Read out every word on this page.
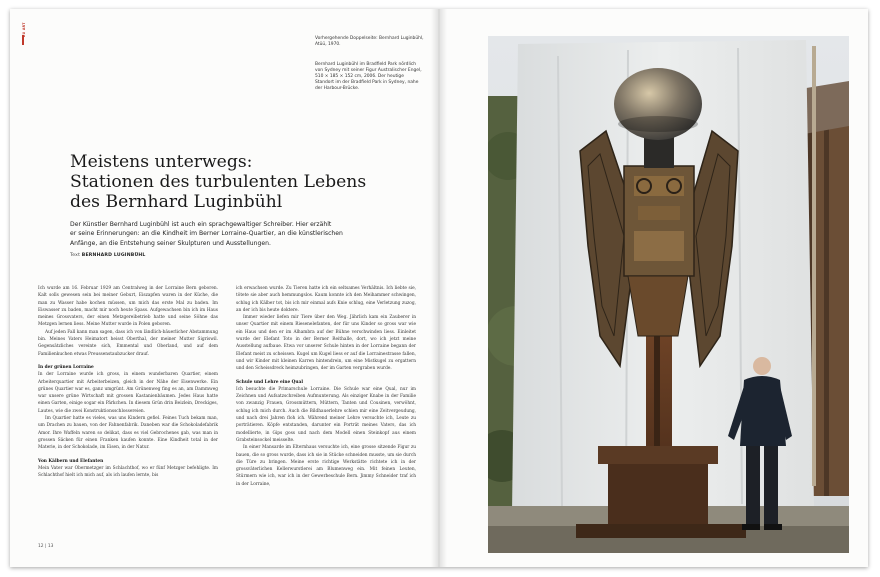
ZU ART
Vorhergehende Doppelseite: Bernhard Luginbühl, Atüü, 1970.
Bernhard Luginbühl im Bradfield Park nördlich von Sydney mit seiner Figur Australischer Engel, 510 × 185 × 152 cm, 2006. Der heutige Standort im der Bradfield Park in Sydney, nahe der Harbour-Brücke.
Meistens unterwegs:
Stationen des turbulenten Lebens
des Bernhard Luginbühl
Der Künstler Bernhard Luginbühl ist auch ein sprachgewaltiger Schreiber. Hier erzählt
er seine Erinnerungen: an die Kindheit im Berner Lorraine-Quartier, an die künstlerischen
Anfänge, an die Entstehung seiner Skulpturen und Ausstellungen.
Text BERNHARD LUGINBÜHL

Ich wurde am 16. Februar 1929 am Centralweg in der Lorraine Bern geboren. Kalt solls gewesen sein bei meiner Geburt, Eiszapfen waren in der Küche, die man zu Wasser habe kochen müssen, um mich das erste Mal zu baden. Im Eiswasser zu baden, macht mir noch heute Spass. Aufgewachsen bin ich im Haus meines Grossvaters, der einen Metzgereibetrieb hatte und seine Söhne das Metzgen lernen liess. Meine Mutter wurde in Polen geboren.

Auf jeden Fall kann man sagen, dass ich von ländlich-bäuerlicher Abstammung bin. Meines Vaters Heimatort heisst Oberthal, der meiner Mutter Sigriswil. Gegensätzliches vereinte sich, Emmental und Oberland, und auf dem Familienkuchen etwas Preussenstaubzucker drauf.

In der grünen Lorraine

In der Lorraine wurde ich gross, in einem wunderbaren Quartier, einem Arbeiterquartier mit Arbeiterbeizen, gleich in der Nähe der Eisenwerke. Ein grünes Quartier war es, ganz umgrünt. Am Grünenweg fing es an, am Dammweg war unsere grüne Wirtschaft mit grossen Kastanienbäumen. Jedes Haus hatte einen Garten, einige sogar ein Pärkchen. In diesem Grün drin Beizlein, Dreckiges, Lautes, wie die zwei Konstruktionsschlossereien.

Im Quartier hatte es vieles, was uns Kindern gefiel. Feines Tuch bekam man, um Drachen zu bauen, von der Fahnenfabrik. Daneben war die Schokoladefabrik Amor. Ihre Waffeln waren so delikat, dass es viel Gebrochenes gab, was man in grossen Säcken für einen Franken kaufen konnte. Eine Kindheit total in der Materie, in der Schokolade, im Eisen, in der Natur.

Von Kälbern und Elefanten

Mein Vater war Obermetzger im Schlachthof, wo er fünf Metzger befehligte. Im Schlachthof hielt ich mich auf, als ich laufen lernte, bis

ich erwachsen wurde. Zu Tieren hatte ich ein seltsames Verhältnis. Ich liebte sie, tötete sie aber auch hemmungslos. Kaum konnte ich den Meihammer schwingen, schlug ich Kälber tot, bis ich mir einmal aufs Knie schlug, eine Verletzung zuzog, an der ich bis heute doktere.

Immer wieder liefen mir Tiere über den Weg. Jährlich kam ein Zauberer in unser Quartier mit einem Riesenelefanten, der für uns Kinder so gross war wie ein Haus und den er im Alhambra auf der Bühne verschwinden liess. Einleitet wurde der Elefant Toto in der Berner Reithalle, dort, wo ich jetzt meine Ausstellung aufbaue. Etwa vor unserer Schule hinten in der Lorraine begann der Elefant meist zu scheissen. Kugel um Kugel liess er auf die Lorrainestrasse fallen, und wir Kinder mit kleinen Karren hintendrein, um eine Mistkugel zu ergattern und den Scheissdreck heimzubringen, der im Garten vergraben wurde.

Schule und Lehre eine Qual

Ich besuchte die Primarschule Lorraine. Die Schule war eine Qual, nur im Zeichnen und Aufsatzschreiben Aufmunterung. Als einziger Knabe in der Familie von zwanzig Frauen, Grossmüttern, Müttern, Tanten und Cousinen, verwöhnt, schlug ich mich durch. Auch die Bildhauerlehre schien mir eine Zeitvergeudung, und nach drei Jahren floh ich. Während meiner Lehre versuchte ich, Leute zu porträtieren. Köpfe entstanden, darunter ein Porträt meines Vaters, das ich modellierte, in Gips goss und nach dem Modell einen Steinkopf aus einem Grabsteinsockel meisselte.

In einer Mansarde im Elternhaus versuchte ich, eine grosse sitzende Figur zu bauen, die so gross wurde, dass ich sie in Stücke schneiden musste, um sie durch die Türe zu bringen. Meine erste richtige Werkstätte richtete ich in der grossväterlichen Kellerwurstlerei am Blumenweg ein. Mit feinen Leuten, Stürmern wie ich, war ich in der Gewerbeschule Bern. Jimmy Schneider traf ich in der Lorraine,

12 | 13
